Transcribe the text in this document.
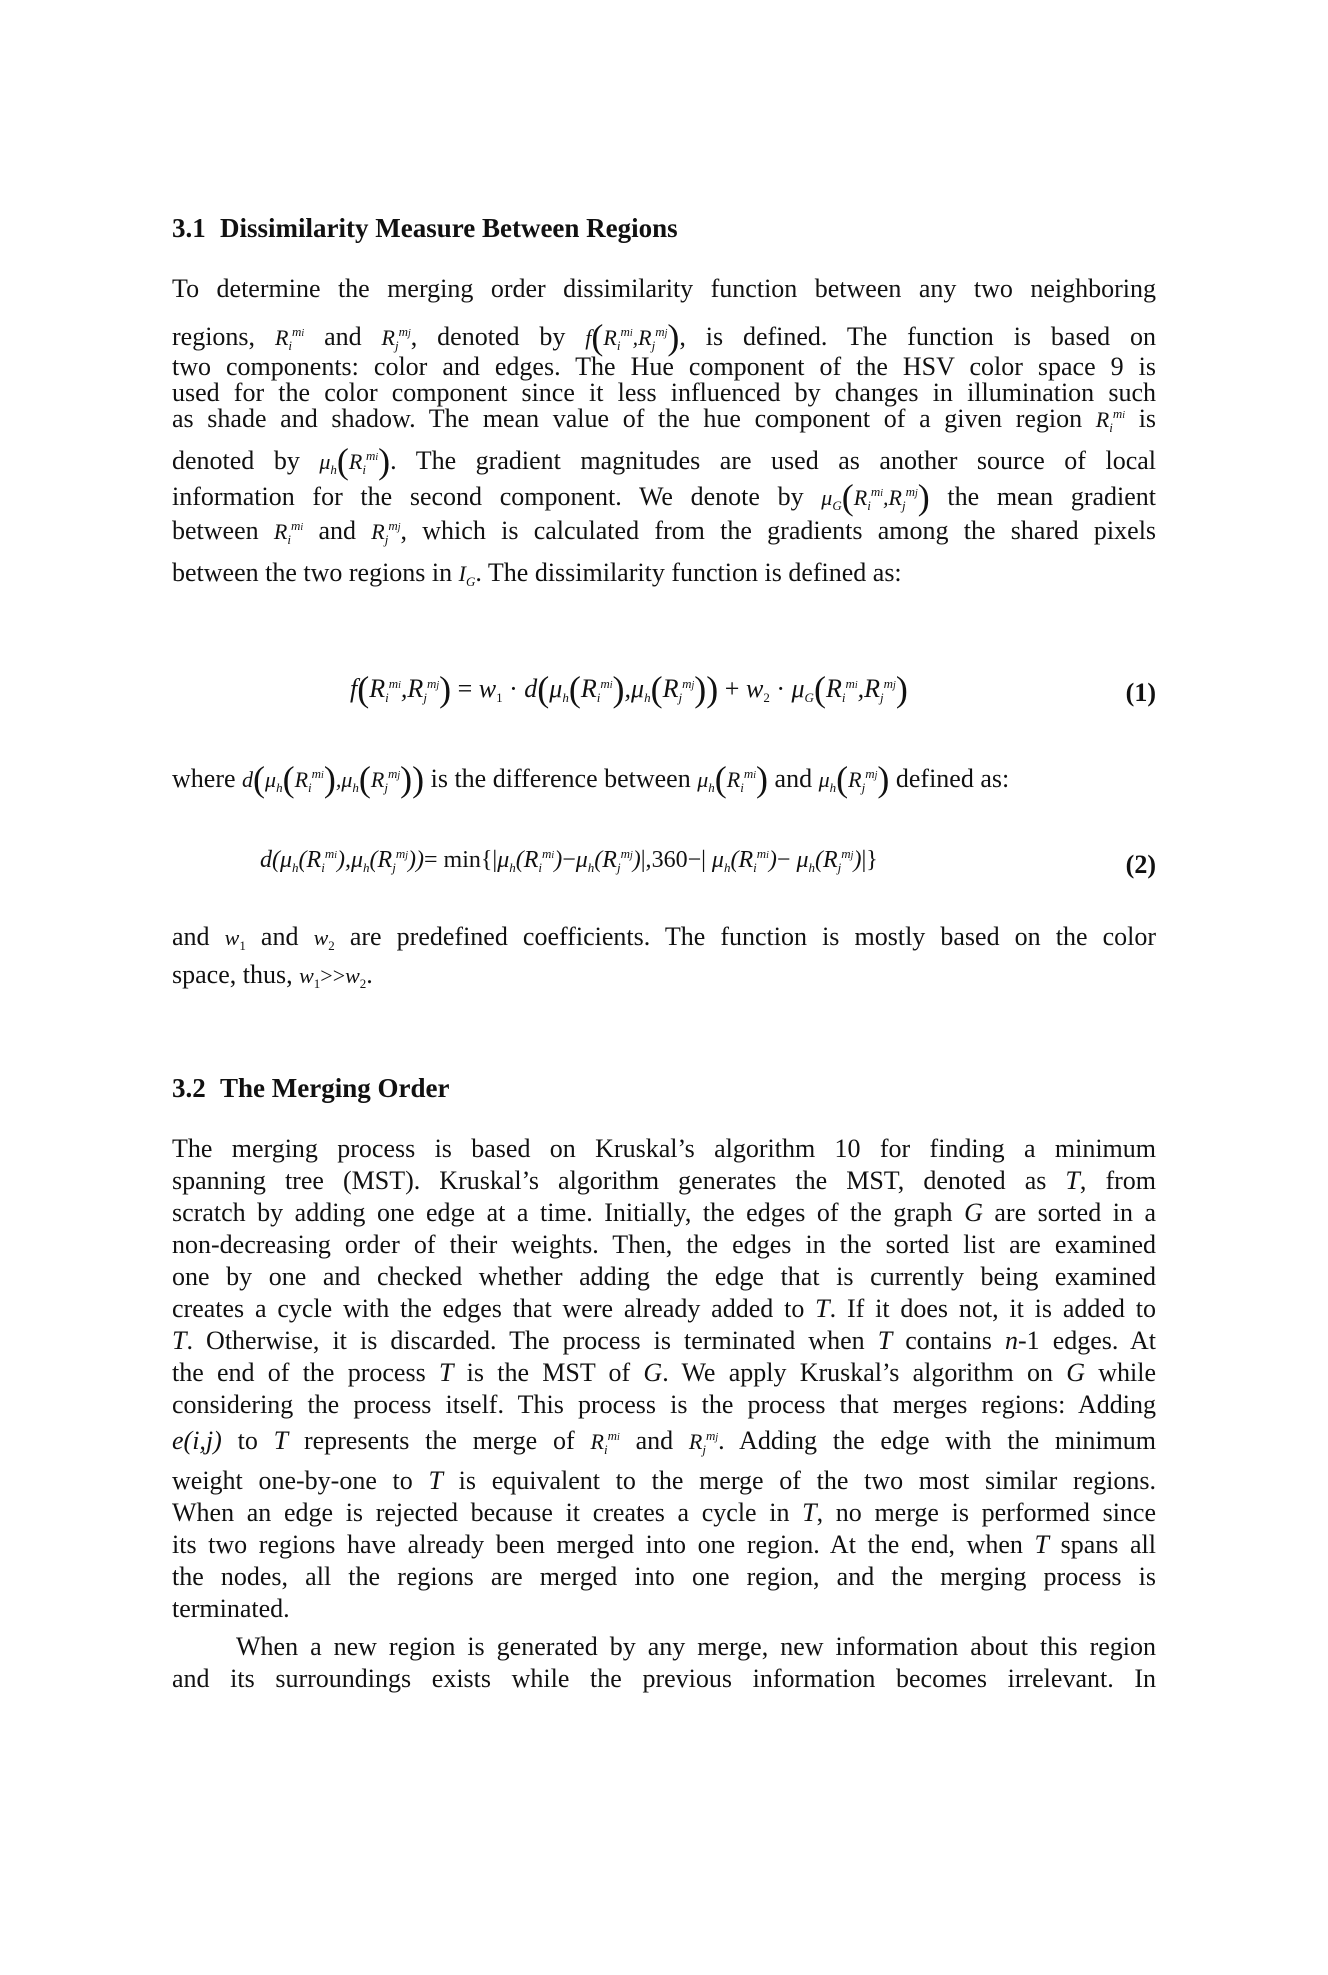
3.1 Dissimilarity Measure Between Regions
To determine the merging order dissimilarity function between any two neighboring
regions, $R_i^{mi}$ and $R_j^{mj}$, denoted by $f(R_i^{mi},R_j^{mj})$, is defined. The function is based on
two components: color and edges. The Hue component of the HSV color space 9 is
used for the color component since it less influenced by changes in illumination such
as shade and shadow. The mean value of the hue component of a given region $R_i^{mi}$ is
denoted by $\mu_h(R_i^{mi})$. The gradient magnitudes are used as another source of local
information for the second component. We denote by $\mu_G(R_i^{mi},R_j^{mj})$ the mean gradient
between $R_i^{mi}$ and $R_j^{mj}$, which is calculated from the gradients among the shared pixels
between the two regions in $I_G$. The dissimilarity function is defined as:
$f(R_i^{mi},R_j^{mj}) = w_1 \cdot d(\mu_h(R_i^{mi}),\mu_h(R_j^{mj})) + w_2 \cdot \mu_G(R_i^{mi},R_j^{mj})$	(1)
where $d(\mu_h(R_i^{mi}),\mu_h(R_j^{mj}))$ is the difference between $\mu_h(R_i^{mi})$ and $\mu_h(R_j^{mj})$ defined as:
$d(\mu_h(R_i^{mi}),\mu_h(R_j^{mj}))= \min\{|\mu_h(R_i^{mi})-\mu_h(R_j^{mj})|,360-|$ $\mu_h(R_i^{mi})- \mu_h(R_j^{mj})|$}	(2)
and $w_1$ and $w_2$ are predefined coefficients. The function is mostly based on the color
space, thus, $w_1>>w_2$.
3.2 The Merging Order
The merging process is based on Kruskal’s algorithm 10 for finding a minimum
spanning tree (MST). Kruskal’s algorithm generates the MST, denoted as T, from
scratch by adding one edge at a time. Initially, the edges of the graph G are sorted in a
non-decreasing order of their weights. Then, the edges in the sorted list are examined
one by one and checked whether adding the edge that is currently being examined
creates a cycle with the edges that were already added to T. If it does not, it is added to
T. Otherwise, it is discarded. The process is terminated when T contains n-1 edges. At
the end of the process T is the MST of G. We apply Kruskal’s algorithm on G while
considering the process itself. This process is the process that merges regions: Adding
e(i,j) to T represents the merge of $R_i^{mi}$ and $R_j^{mj}$. Adding the edge with the minimum
weight one-by-one to T is equivalent to the merge of the two most similar regions.
When an edge is rejected because it creates a cycle in T, no merge is performed since
its two regions have already been merged into one region. At the end, when T spans all
the nodes, all the regions are merged into one region, and the merging process is
terminated.
When a new region is generated by any merge, new information about this region
and its surroundings exists while the previous information becomes irrelevant. In
